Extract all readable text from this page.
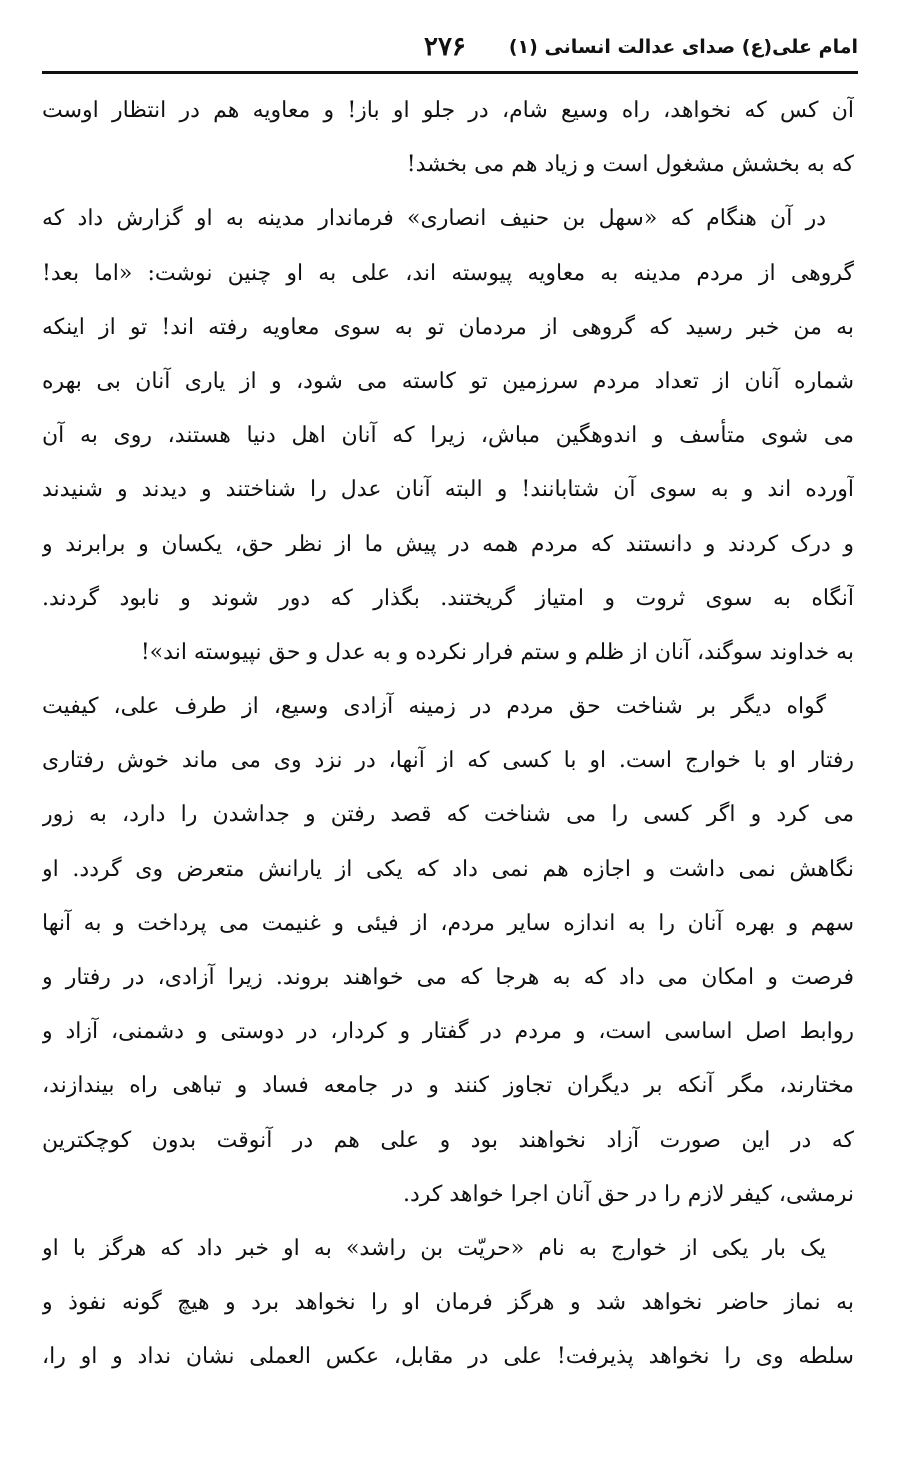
امام علی(ع) صدای عدالت انسانی (۱)
۲۷۶
آن کس که نخواهد، راه وسیع شام، در جلو او باز! و معاویه هم در انتظار اوست
که به بخشش مشغول است و زیاد هم می بخشد!
در آن هنگام که «سهل بن حنیف انصاری» فرماندار مدینه به او گزارش داد که
گروهی از مردم مدینه به معاویه پیوسته اند، علی به او چنین نوشت: «اما بعد!
به من خبر رسید که گروهی از مردمان تو به سوی معاویه رفته اند! تو از اینکه
شماره آنان از تعداد مردم سرزمین تو کاسته می شود، و از یاری آنان بی بهره
می شوی متأسف و اندوهگین مباش، زیرا که آنان اهل دنیا هستند، روی به آن
آورده اند و به سوی آن شتابانند! و البته آنان عدل را شناختند و دیدند و شنیدند
و درک کردند و دانستند که مردم همه در پیش ما از نظر حق، یکسان و برابرند و
آنگاه به سوی ثروت و امتیاز گریختند. بگذار که دور شوند و نابود گردند.
به خداوند سوگند، آنان از ظلم و ستم فرار نکرده و به عدل و حق نپیوسته اند»!
گواه دیگر بر شناخت حق مردم در زمینه آزادی وسیع، از طرف علی، کیفیت
رفتار او با خوارج است. او با کسی که از آنها، در نزد وی می ماند خوش رفتاری
می کرد و اگر کسی را می شناخت که قصد رفتن و جداشدن را دارد، به زور
نگاهش نمی داشت و اجازه هم نمی داد که یکی از یارانش متعرض وی گردد. او
سهم و بهره آنان را به اندازه سایر مردم، از فیئی و غنیمت می پرداخت و به آنها
فرصت و امکان می داد که به هرجا که می خواهند بروند. زیرا آزادی، در رفتار و
روابط اصل اساسی است، و مردم در گفتار و کردار، در دوستی و دشمنی، آزاد و
مختارند، مگر آنکه بر دیگران تجاوز کنند و در جامعه فساد و تباهی راه بیندازند،
که در این صورت آزاد نخواهند بود و علی هم در آنوقت بدون کوچکترین
نرمشی، کیفر لازم را در حق آنان اجرا خواهد کرد.
یک بار یکی از خوارج به نام «حریّت بن راشد» به او خبر داد که هرگز با او
به نماز حاضر نخواهد شد و هرگز فرمان او را نخواهد برد و هیچ گونه نفوذ و
سلطه وی را نخواهد پذیرفت! علی در مقابل، عکس العملی نشان نداد و او را،
